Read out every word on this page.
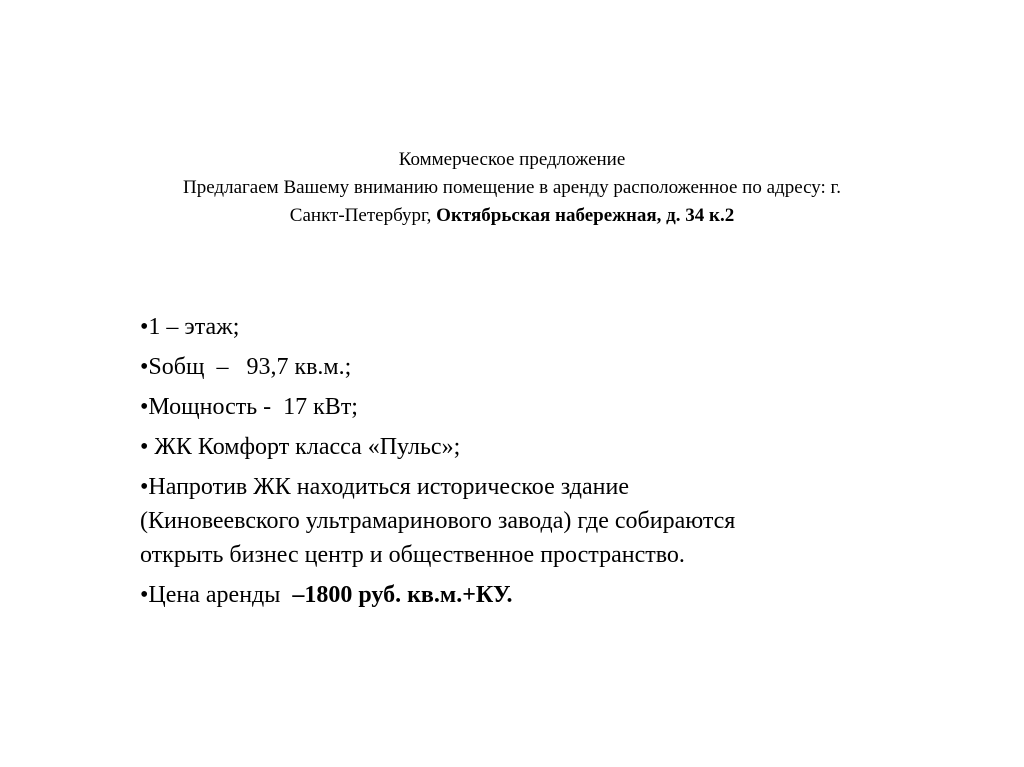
Коммерческое предложение
Предлагаем Вашему вниманию помещение в аренду расположенное по адресу: г.
Санкт-Петербург, Октябрьская набережная, д. 34 к.2
•1 – этаж;
•Sобщ  –   93,7 кв.м.;
•Мощность -  17 кВт;
• ЖК Комфорт класса «Пульс»;
•Напротив ЖК находиться историческое здание
(Киновеевского ультрамаринового завода) где собираются
открыть бизнес центр и общественное пространство.
•Цена аренды  –1800 руб. кв.м.+КУ.
